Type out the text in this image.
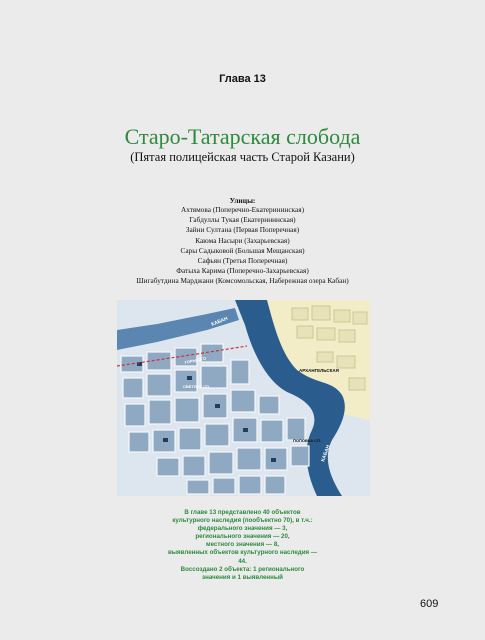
Глава 13
Старо-Татарская слобода
(Пятая полицейская часть Старой Казани)
Улицы:
Ахтямова (Поперечно-Екатерининская)
Габдуллы Тукая (Екатерининская)
Зайни Султана (Первая Поперечная)
Каюма Насыри (Захарьевская)
Сары Садыковой (Большая Мещанская)
Сафьян (Третья Поперечная)
Фатыха Карима (Поперечно-Захарьевская)
Шигабутдина Марджани (Комсомольская, Набережная озера Кабан)
КАБАН
АРХАНГЕЛЬСКАЯ
ГОРЬКОГО
СВЕТЛИХ СЛ.
ПОПОВКА СЛ.
КАБАН
В главе 13 представлено 40 объектов
культурного наследия (пообъектно 70), в т.ч.:
федерального значения — 3,
регионального значения — 20,
местного значения — 8,
выявленных объектов культурного наследия —
44.
Воссоздано 2 объекта: 1 регионального
значения и 1 выявленный
609
